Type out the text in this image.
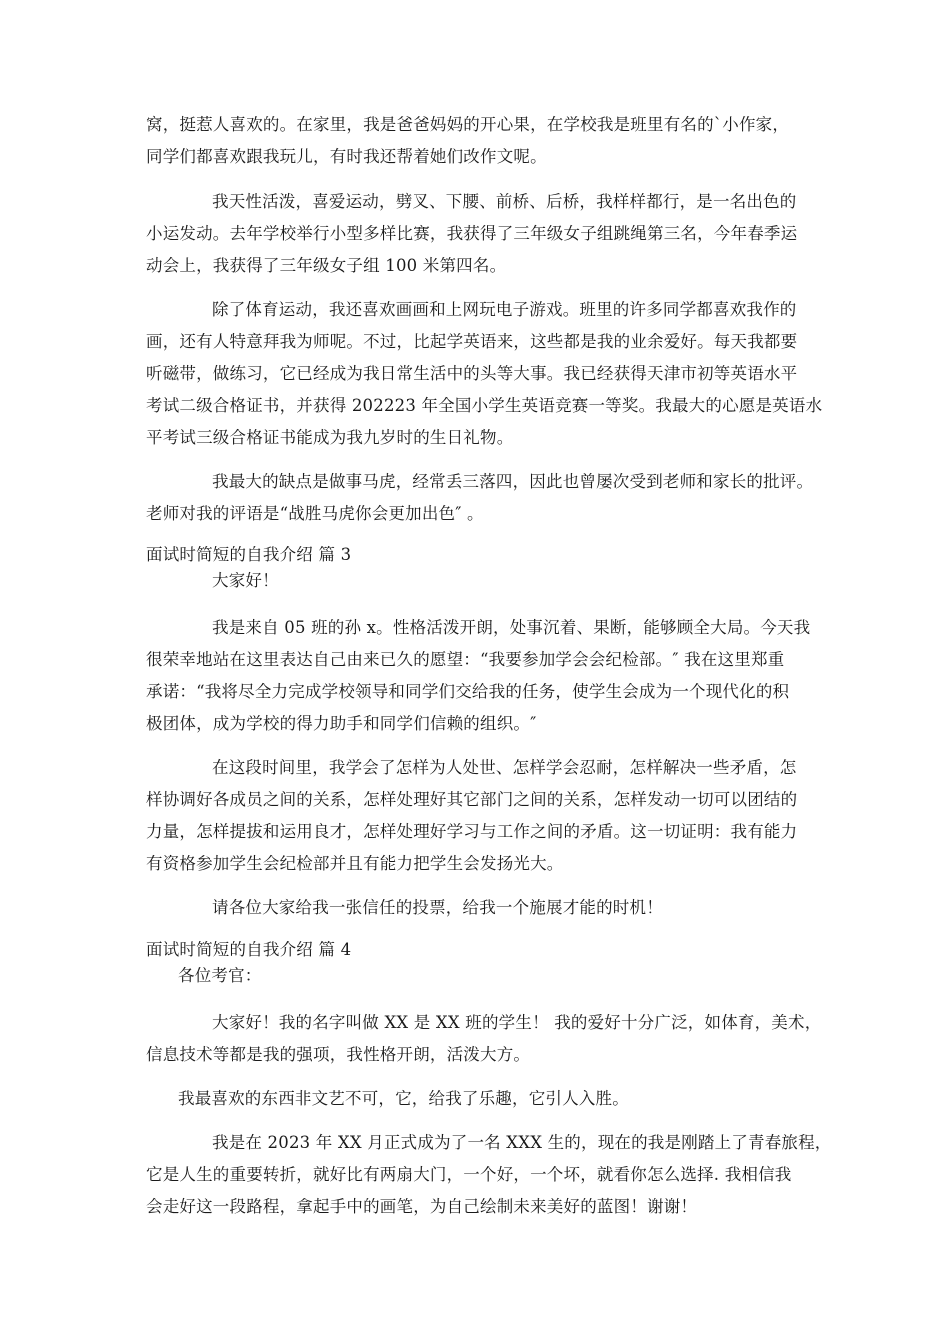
窝，挺惹人喜欢的。在家里，我是爸爸妈妈的开心果，在学校我是班里有名的`小作家，
同学们都喜欢跟我玩儿，有时我还帮着她们改作文呢。
我天性活泼，喜爱运动，劈叉、下腰、前桥、后桥，我样样都行，是一名出色的
小运发动。去年学校举行小型多样比赛，我获得了三年级女子组跳绳第三名，今年春季运
动会上，我获得了三年级女子组 100 米第四名。
除了体育运动，我还喜欢画画和上网玩电子游戏。班里的许多同学都喜欢我作的
画，还有人特意拜我为师呢。不过，比起学英语来，这些都是我的业余爱好。每天我都要
听磁带，做练习，它已经成为我日常生活中的头等大事。我已经获得天津市初等英语水平
考试二级合格证书，并获得 202223 年全国小学生英语竞赛一等奖。我最大的心愿是英语水
平考试三级合格证书能成为我九岁时的生日礼物。
我最大的缺点是做事马虎，经常丢三落四，因此也曾屡次受到老师和家长的批评。
老师对我的评语是“战胜马虎你会更加出色″ 。
面试时简短的自我介绍 篇 3
大家好！
我是来自 05 班的孙 x。性格活泼开朗，处事沉着、果断，能够顾全大局。今天我
很荣幸地站在这里表达自己由来已久的愿望：“我要参加学会会纪检部。″ 我在这里郑重
承诺：“我将尽全力完成学校领导和同学们交给我的任务，使学生会成为一个现代化的积
极团体，成为学校的得力助手和同学们信赖的组织。″
在这段时间里，我学会了怎样为人处世、怎样学会忍耐，怎样解决一些矛盾，怎
样协调好各成员之间的关系，怎样处理好其它部门之间的关系，怎样发动一切可以团结的
力量，怎样提拔和运用良才，怎样处理好学习与工作之间的矛盾。这一切证明：我有能力
有资格参加学生会纪检部并且有能力把学生会发扬光大。
请各位大家给我一张信任的投票，给我一个施展才能的时机！
面试时简短的自我介绍 篇 4
各位考官：
大家好！我的名字叫做 XX 是 XX 班的学生！ 我的爱好十分广泛，如体育，美术，
信息技术等都是我的强项，我性格开朗，活泼大方。
我最喜欢的东西非文艺不可，它，给我了乐趣，它引人入胜。
我是在 2023 年 XX 月正式成为了一名 XXX 生的，现在的我是刚踏上了青春旅程，
它是人生的重要转折，就好比有两扇大门，一个好，一个坏，就看你怎么选择. 我相信我
会走好这一段路程，拿起手中的画笔，为自己绘制未来美好的蓝图！谢谢！
